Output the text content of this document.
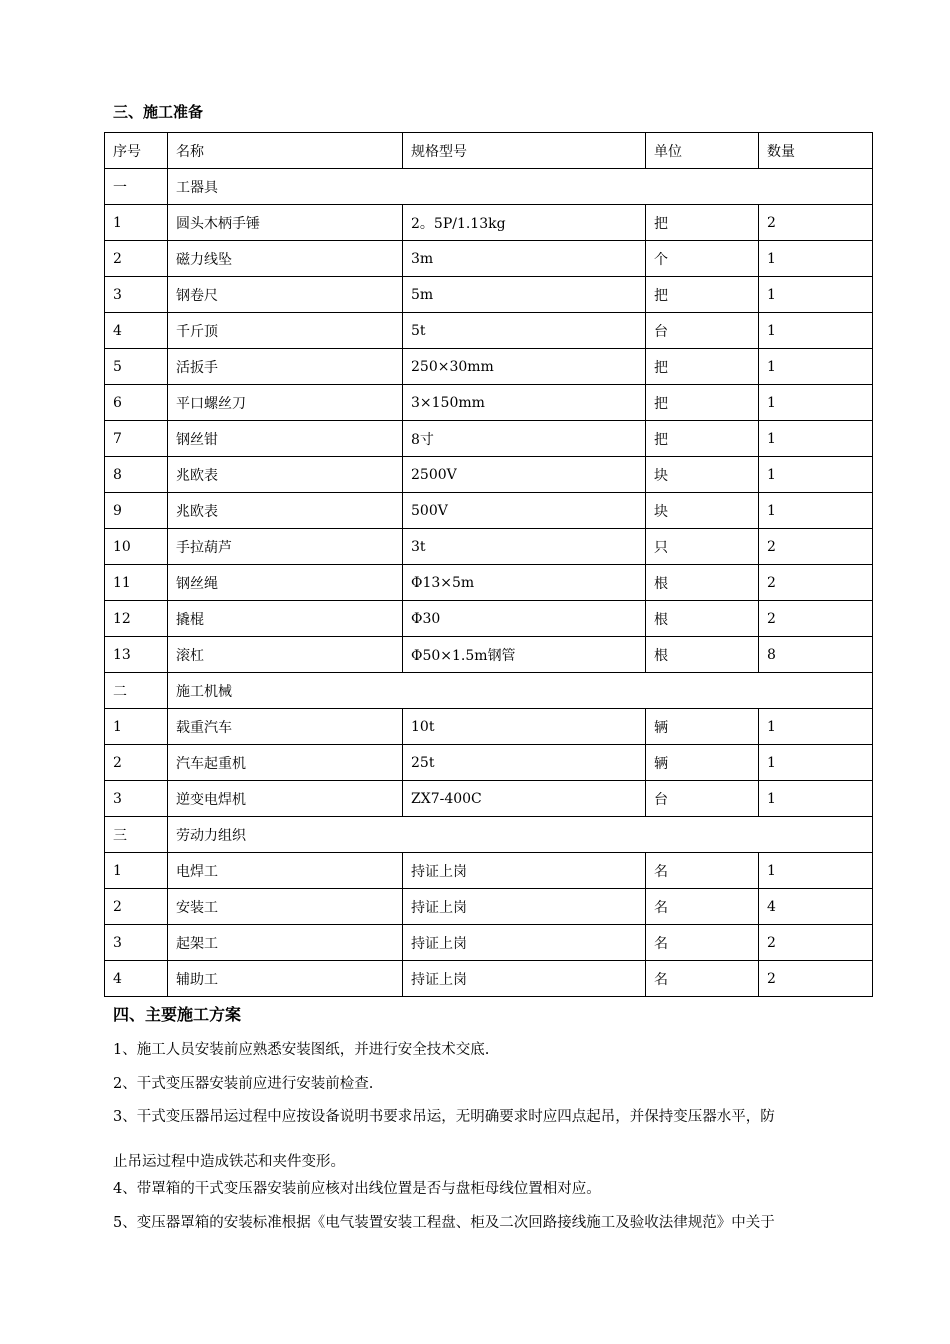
三、施工准备
序号	名称	规格型号	单位	数量
一	工器具			
1	圆头木柄手锤	2。5P/1.13kg	把	2
2	磁力线坠	3m	个	1
3	钢卷尺	5m	把	1
4	千斤顶	5t	台	1
5	活扳手	250×30mm	把	1
6	平口螺丝刀	3×150mm	把	1
7	钢丝钳	8寸	把	1
8	兆欧表	2500V	块	1
9	兆欧表	500V	块	1
10	手拉葫芦	3t	只	2
11	钢丝绳	Φ13×5m	根	2
12	撬棍	Φ30	根	2
13	滚杠	Φ50×1.5m钢管	根	8
二	施工机械			
1	载重汽车	10t	辆	1
2	汽车起重机	25t	辆	1
3	逆变电焊机	ZX7-400C	台	1
三	劳动力组织			
1	电焊工	持证上岗	名	1
2	安装工	持证上岗	名	4
3	起架工	持证上岗	名	2
4	辅助工	持证上岗	名	2
四、主要施工方案
1、施工人员安装前应熟悉安装图纸，并进行安全技术交底.
2、干式变压器安装前应进行安装前检查.
3、干式变压器吊运过程中应按设备说明书要求吊运，无明确要求时应四点起吊，并保持变压器水平，防
止吊运过程中造成铁芯和夹件变形。
4、带罩箱的干式变压器安装前应核对出线位置是否与盘柜母线位置相对应。
5、变压器罩箱的安装标准根据《电气装置安装工程盘、柜及二次回路接线施工及验收法律规范》中关于
